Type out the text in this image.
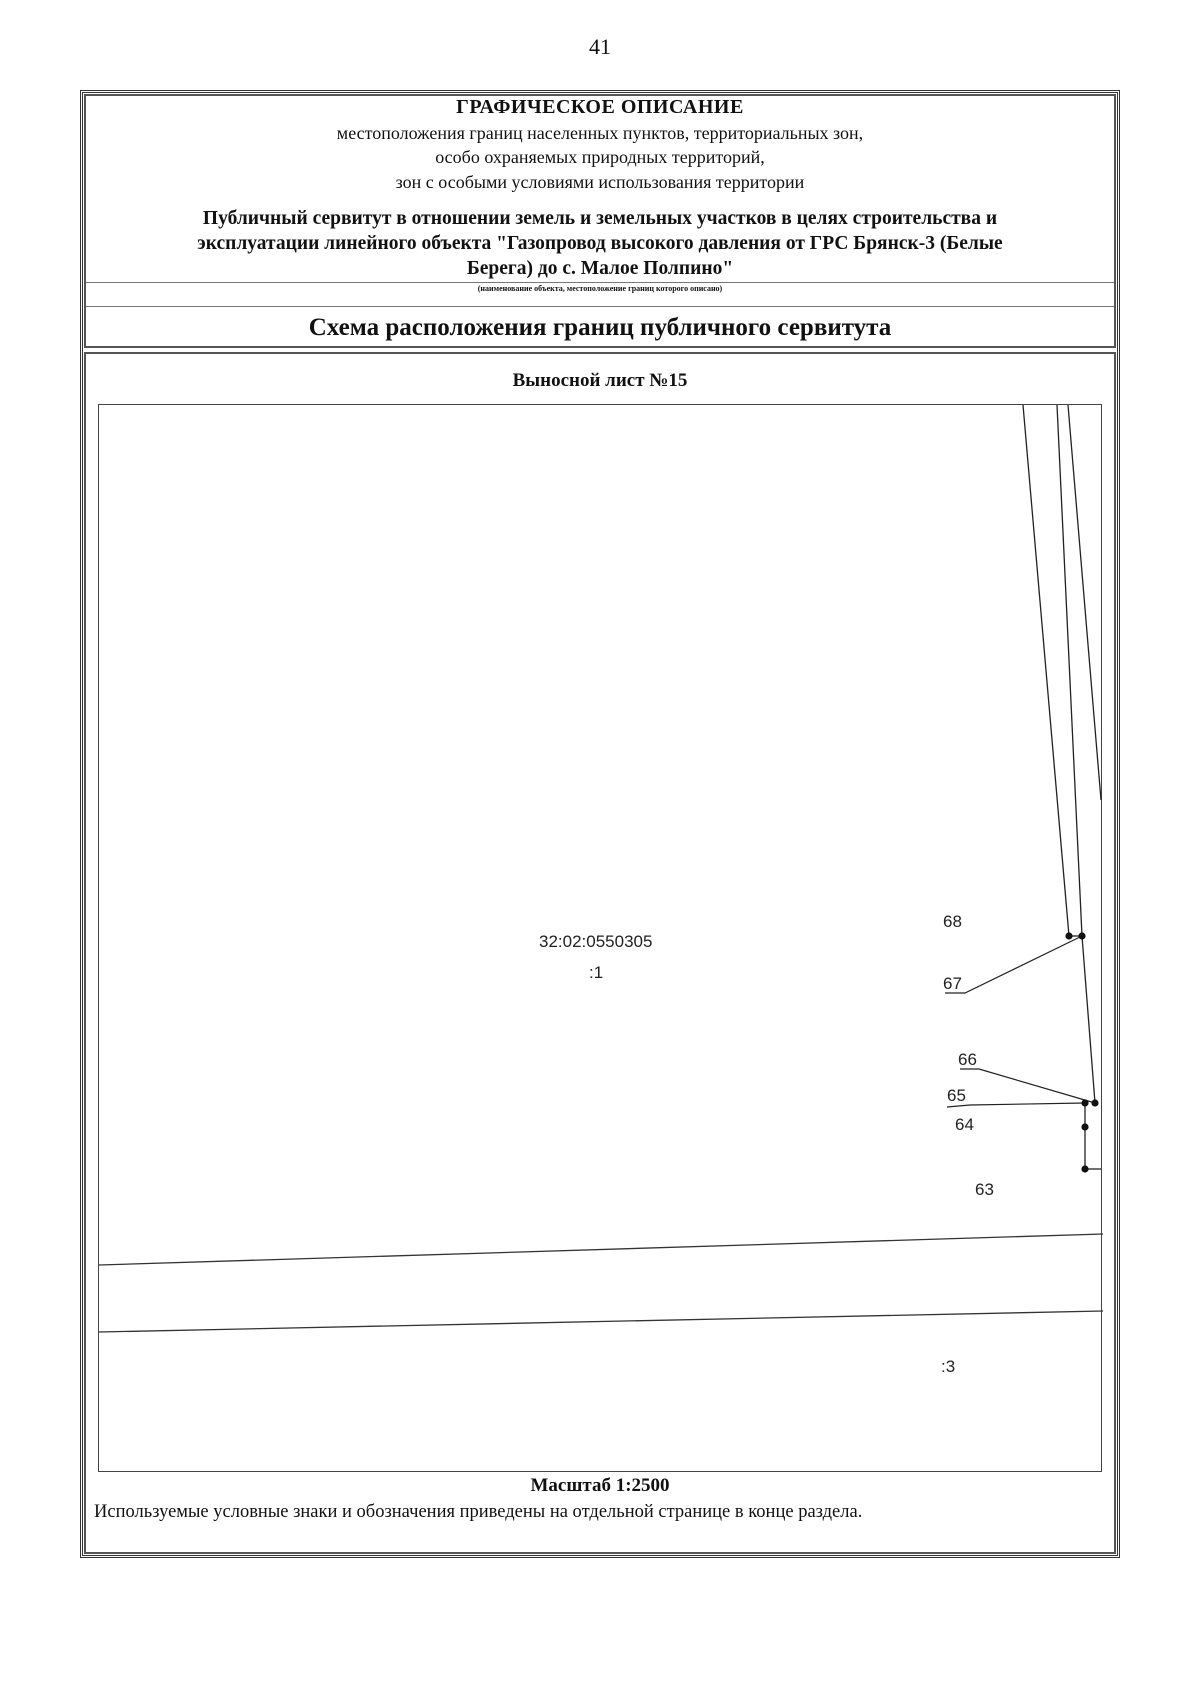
41
ГРАФИЧЕСКОЕ ОПИСАНИЕ
местоположения границ населенных пунктов, территориальных зон,
особо охраняемых природных территорий,
зон с особыми условиями использования территории
Публичный сервитут в отношении земель и земельных участков в целях строительства и
эксплуатации линейного объекта "Газопровод высокого давления от ГРС Брянск-3 (Белые
Берега) до с. Малое Полпино"
(наименование объекта, местоположение границ которого описано)
Схема расположения границ публичного сервитута
Выносной лист №15
32:02:0550305
:1
:3
68
67
66
65
64
63
Масштаб 1:2500
Используемые условные знаки и обозначения приведены на отдельной странице в конце раздела.
